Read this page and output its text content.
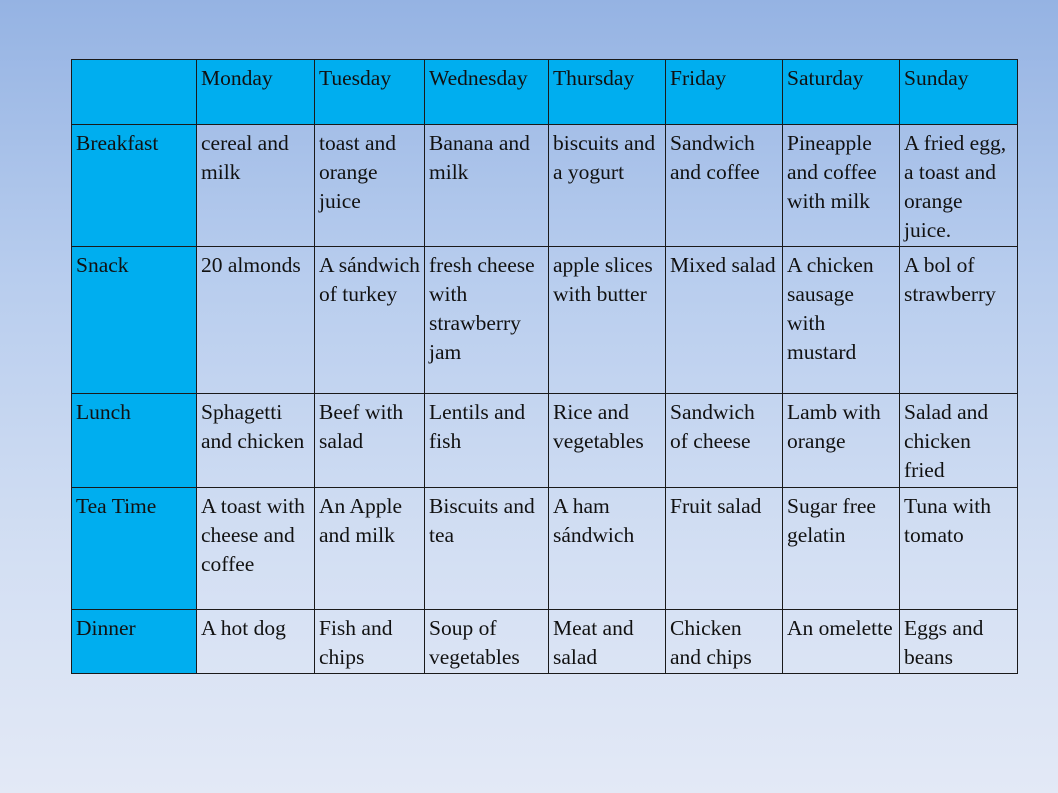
	Monday	Tuesday	Wednesday	Thursday	Friday	Saturday	Sunday
Breakfast	cereal and milk	toast and orange juice	Banana and milk	biscuits and a yogurt	Sandwich and coffee	Pineapple and coffee with milk	A fried egg, a toast and orange juice.
Snack	20 almonds	A sándwich of turkey	fresh cheese with strawberry jam	apple slices with butter	Mixed salad	A chicken sausage with mustard	A bol of strawberry
Lunch	Sphagetti and chicken	Beef with salad	Lentils and fish	Rice and vegetables	Sandwich of cheese	Lamb with orange	Salad and chicken fried
Tea Time	A toast with cheese and coffee	An Apple and milk	Biscuits and tea	A ham sándwich	Fruit salad	Sugar free gelatin	Tuna with tomato
Dinner	A hot dog	Fish and chips	Soup of vegetables	Meat and salad	Chicken and chips	An omelette	Eggs and beans
